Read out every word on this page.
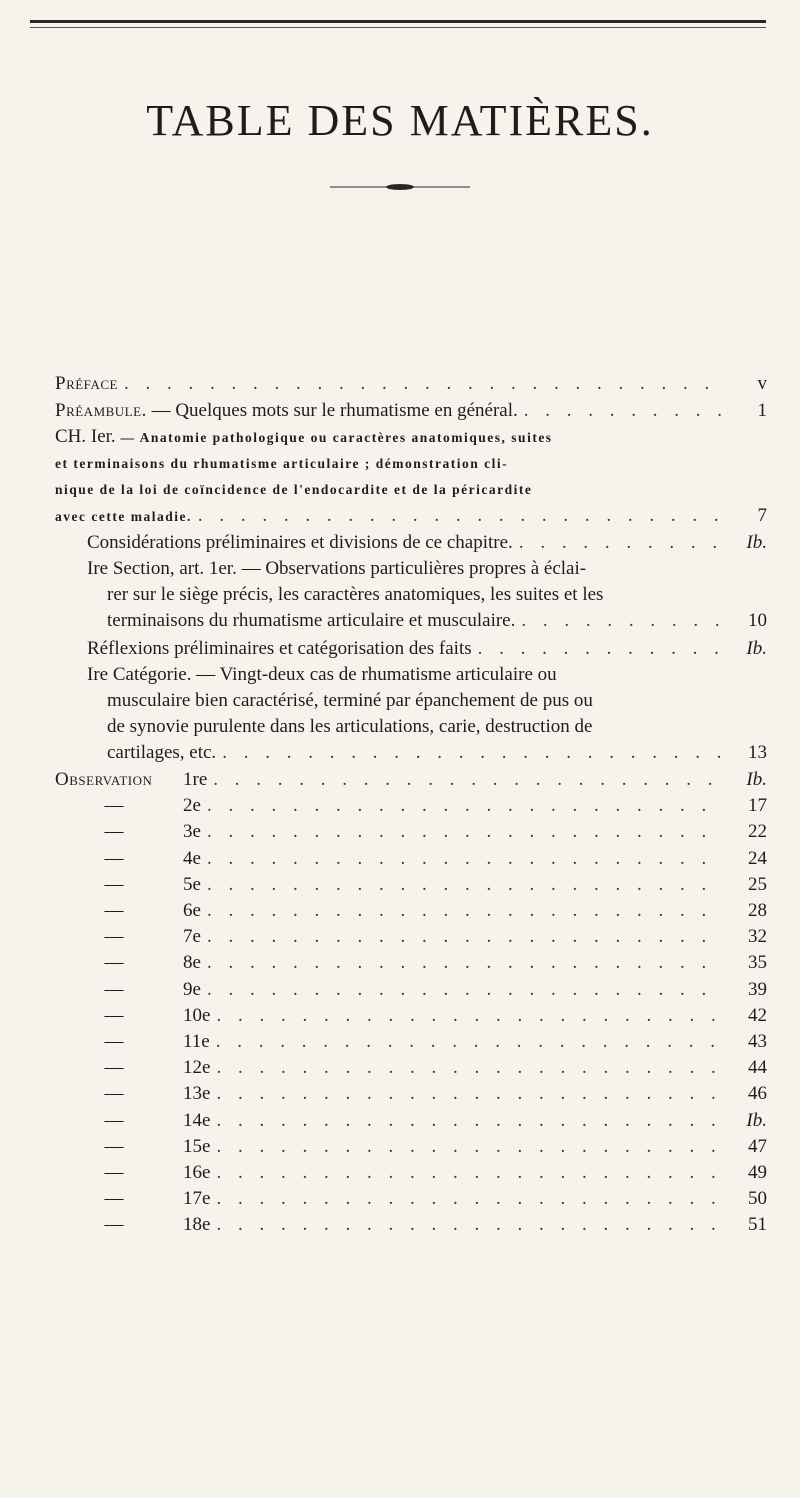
TABLE DES MATIÈRES.
Préface . . .	v
Préambule. — Quelques mots sur le rhumatisme en général. . . .	1
CH. Ier. — Anatomie pathologique ou caractères anatomiques, suites
et terminaisons du rhumatisme articulaire ; démonstration cli-
nique de la loi de coïncidence de l'endocardite et de la péricardite
avec cette maladie. . . .	7
Considérations préliminaires et divisions de ce chapitre. . . .	Ib.
Ire Section, art. 1er. — Observations particulières propres à éclai-
rer sur le siège précis, les caractères anatomiques, les suites et les
terminaisons du rhumatisme articulaire et musculaire. . . .	10
Réflexions préliminaires et catégorisation des faits . . .	Ib.
Ire Catégorie. — Vingt-deux cas de rhumatisme articulaire ou
musculaire bien caractérisé, terminé par épanchement de pus ou
de synovie purulente dans les articulations, carie, destruction de
cartilages, etc. . . .	13
Observation 1re . . .	Ib.
—	2e . . .	17
—	3e . . .	22
—	4e . . .	24
—	5e . . .	25
—	6e . . .	28
—	7e . . .	32
—	8e . . .	35
—	9e . . .	39
—	10e . . .	42
—	11e . . .	43
—	12e . . .	44
—	13e . . .	46
—	14e . . .	Ib.
—	15e . . .	47
—	16e . . .	49
—	17e . . .	50
—	18e . . .	51
